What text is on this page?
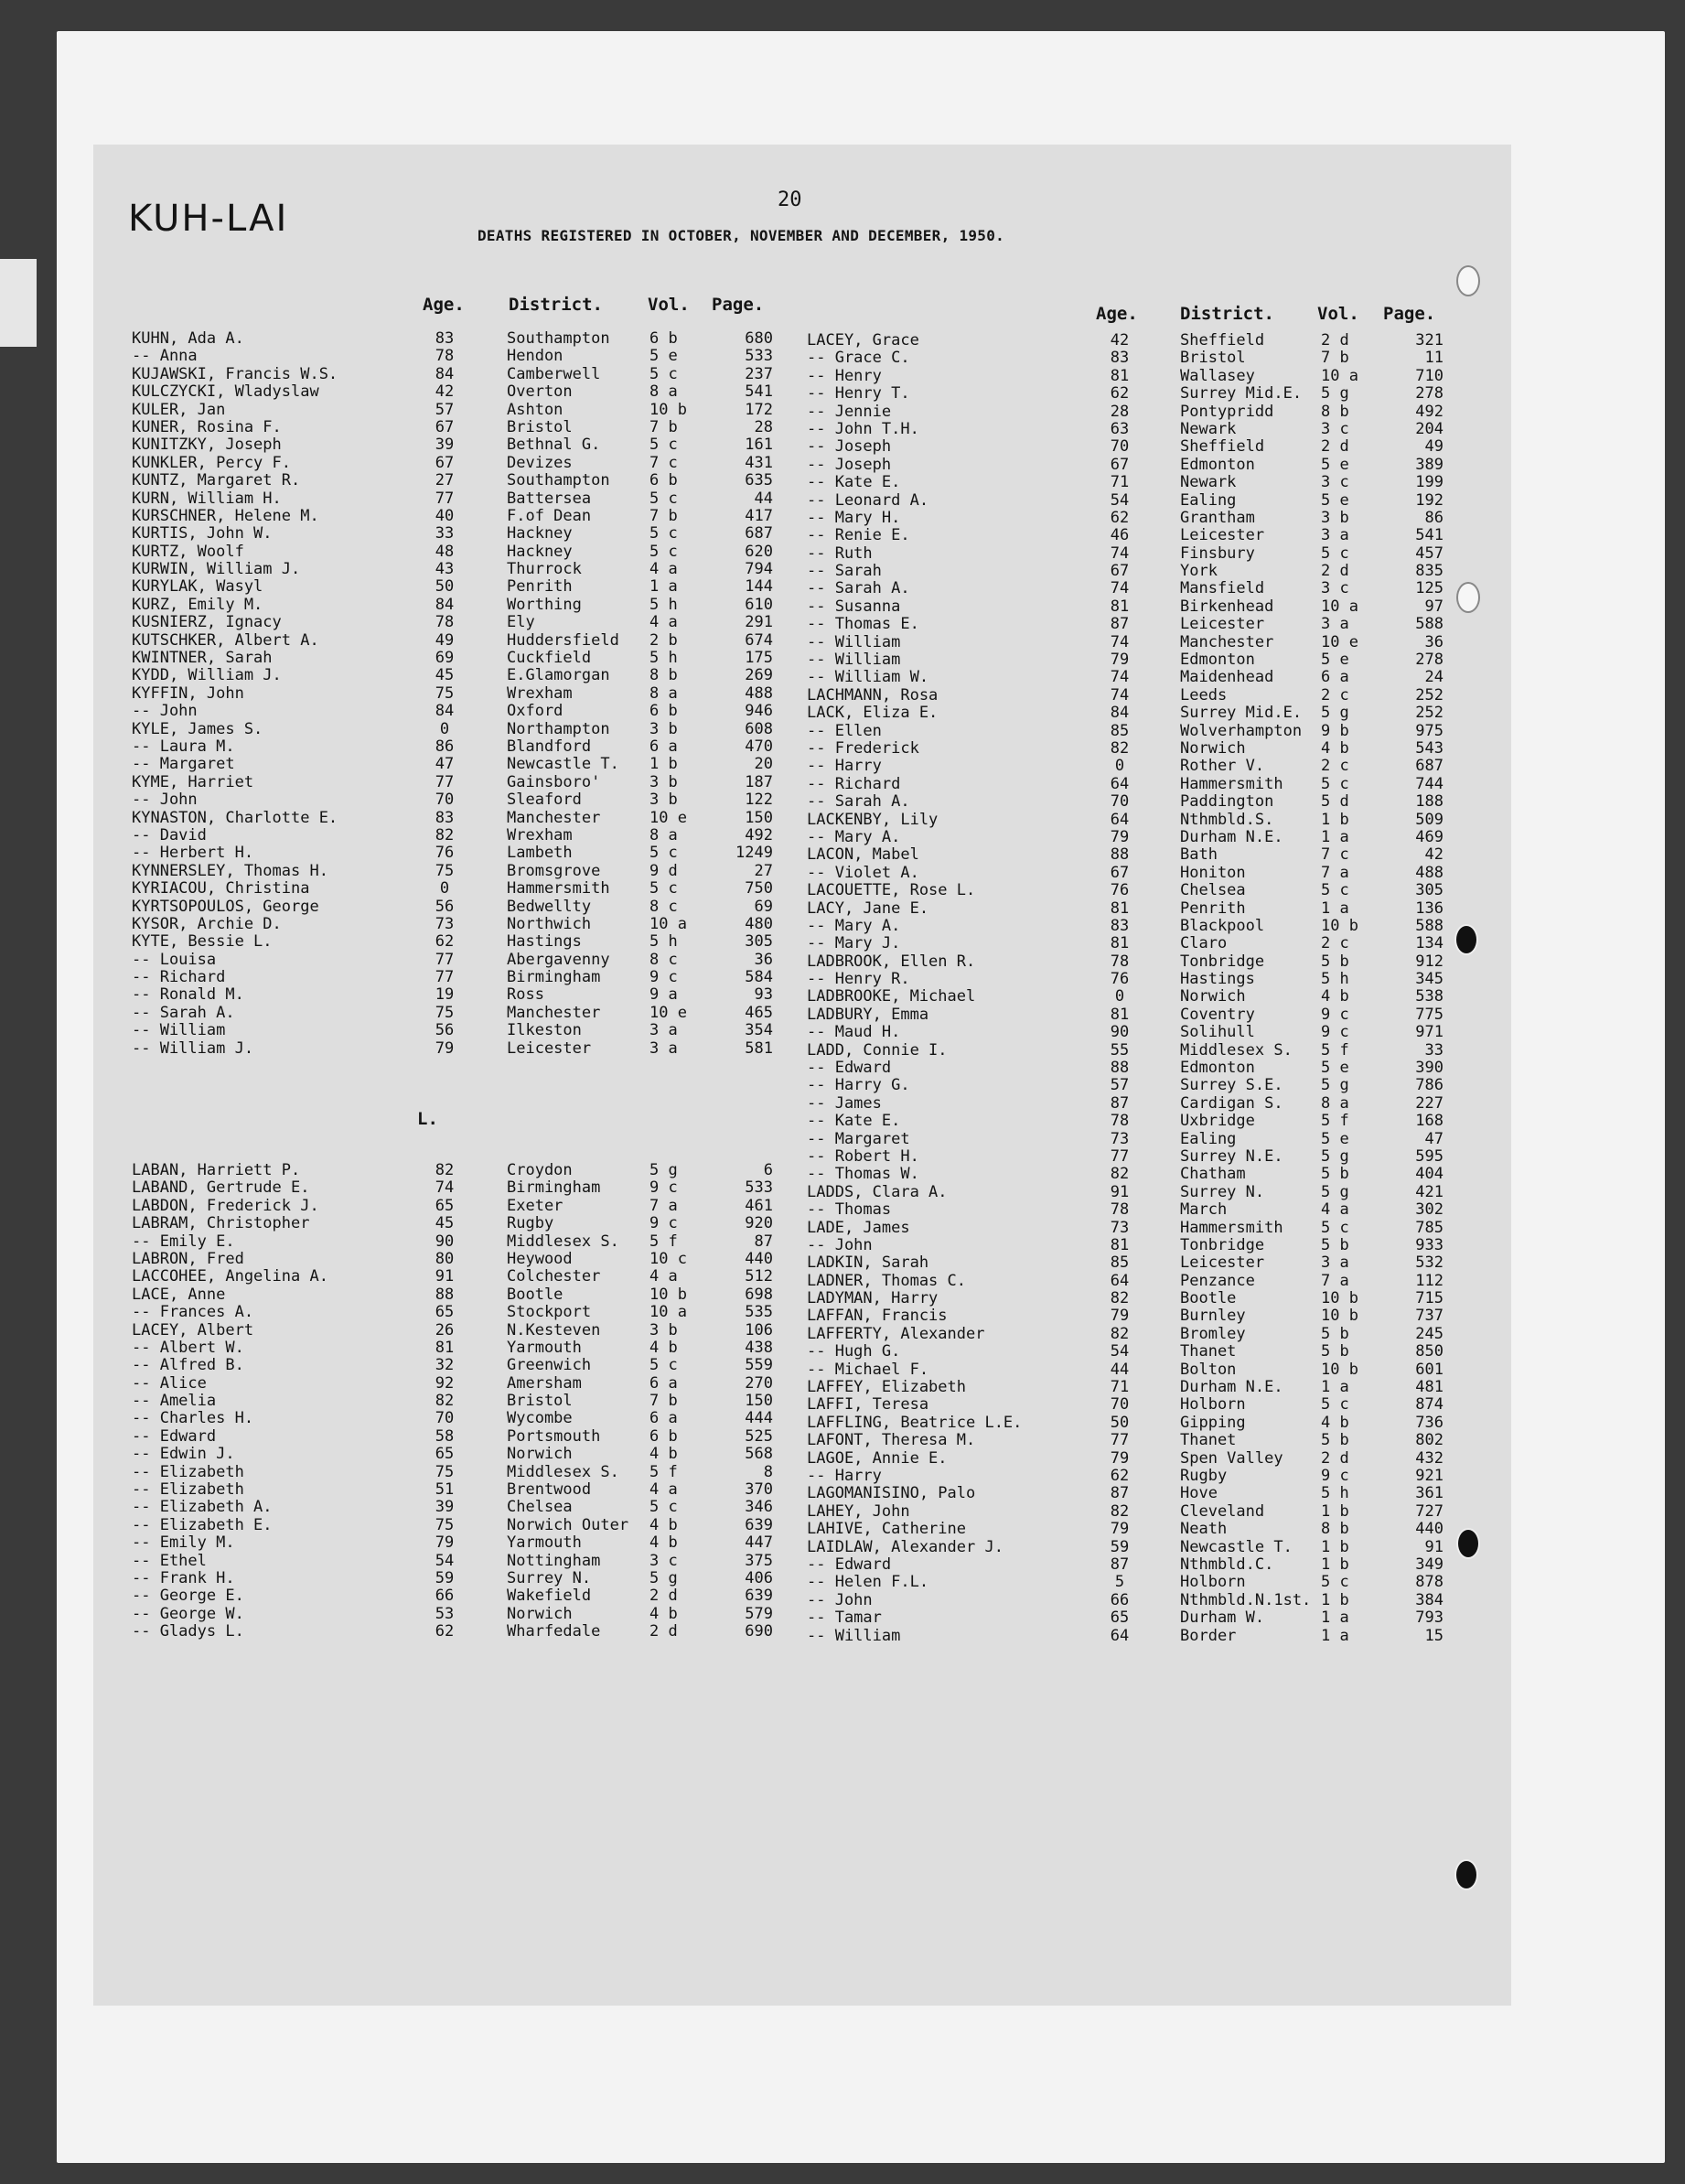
20
KUH-LAI	DEATHS REGISTERED IN OCTOBER, NOVEMBER AND DECEMBER, 1950.
Age.	District.	Vol. Page.	Age. District. Vol. Page.
KUHN, Ada A.	83	Southampton	6 b	680
-- Anna	78	Hendon	5 e	533
KUJAWSKI, Francis W.S.	84	Camberwell	5 c	237
KULCZYCKI, Wladyslaw	42	Overton	8 a	541
KULER, Jan	57	Ashton	10 b	172
KUNER, Rosina F.	67	Bristol	7 b	28
KUNITZKY, Joseph	39	Bethnal G.	5 c	161
KUNKLER, Percy F.	67	Devizes	7 c	431
KUNTZ, Margaret R.	27	Southampton	6 b	635
KURN, William H.	77	Battersea	5 c	44
KURSCHNER, Helene M.	40	F.of Dean	7 b	417
KURTIS, John W.	33	Hackney	5 c	687
KURTZ, Woolf	48	Hackney	5 c	620
KURWIN, William J.	43	Thurrock	4 a	794
KURYLAK, Wasyl	50	Penrith	1 a	144
KURZ, Emily M.	84	Worthing	5 h	610
KUSNIERZ, Ignacy	78	Ely	4 a	291
KUTSCHKER, Albert A.	49	Huddersfield 2 b	674
KWINTNER, Sarah	69	Cuckfield	5 h	175
KYDD, William J.	45	E.Glamorgan	8 b	269
KYFFIN, John	75	Wrexham	8 a	488
-- John	84	Oxford	6 b	946
KYLE, James S.	0	Northampton	3 b	608
-- Laura M.	86	Blandford	6 a	470
-- Margaret	47	Newcastle T. 1 b	20
KYME, Harriet	77	Gainsboro'	3 b	187
-- John	70	Sleaford	3 b	122
KYNASTON, Charlotte E.	83	Manchester	10 e	150
-- David	82	Wrexham	8 a	492
-- Herbert H.	76	Lambeth	5 c	1249
KYNNERSLEY, Thomas H.	75	Bromsgrove	9 d	27
KYRIACOU, Christina	0	Hammersmith	5 c	750
KYRTSOPOULOS, George	56	Bedwellty	8 c	69
KYSOR, Archie D.	73	Northwich	10 a	480
KYTE, Bessie L.	62	Hastings	5 h	305
-- Louisa	77	Abergavenny	8 c	36
-- Richard	77	Birmingham	9 c	584
-- Ronald M.	19	Ross	9 a	93
-- Sarah A.	75	Manchester	10 e	465
-- William	56	Ilkeston	3 a	354
-- William J.	79	Leicester	3 a	581
L.
LABAN, Harriett P.	82	Croydon	5 g	6
LABAND, Gertrude E.	74	Birmingham	9 c	533
LABDON, Frederick J.	65	Exeter	7 a	461
LABRAM, Christopher	45	Rugby	9 c	920
-- Emily E.	90	Middlesex S. 5 f	87
LABRON, Fred	80	Heywood	10 c	440
LACCOHEE, Angelina A.	91	Colchester	4 a	512
LACE, Anne	88	Bootle	10 b	698
-- Frances A.	65	Stockport	10 a	535
LACEY, Albert	26	N.Kesteven	3 b	106
-- Albert W.	81	Yarmouth	4 b	438
-- Alfred B.	32	Greenwich	5 c	559
-- Alice	92	Amersham	6 a	270
-- Amelia	82	Bristol	7 b	150
-- Charles H.	70	Wycombe	6 a	444
-- Edward	58	Portsmouth	6 b	525
-- Edwin J.	65	Norwich	4 b	568
-- Elizabeth	75	Middlesex S. 5 f	8
-- Elizabeth	51	Brentwood	4 a	370
-- Elizabeth A.	39	Chelsea	5 c	346
-- Elizabeth E.	75	Norwich Outer 4 b	639
-- Emily M.	79	Yarmouth	4 b	447
-- Ethel	54	Nottingham	3 c	375
-- Frank H.	59	Surrey N.	5 g	406
-- George E.	66	Wakefield	2 d	639
-- George W.	53	Norwich	4 b	579
-- Gladys L.	62	Wharfedale	2 d	690
LACEY, Grace	42	Sheffield	2 d	321
-- Grace C.	83	Bristol	7 b	11
-- Henry	81	Wallasey	10 a	710
-- Henry T.	62	Surrey Mid.E. 5 g	278
-- Jennie	28	Pontypridd	8 b	492
-- John T.H.	63	Newark	3 c	204
-- Joseph	70	Sheffield	2 d	49
-- Joseph	67	Edmonton	5 e	389
-- Kate E.	71	Newark	3 c	199
-- Leonard A.	54	Ealing	5 e	192
-- Mary H.	62	Grantham	3 b	86
-- Renie E.	46	Leicester	3 a	541
-- Ruth	74	Finsbury	5 c	457
-- Sarah	67	York	2 d	835
-- Sarah A.	74	Mansfield	3 c	125
-- Susanna	81	Birkenhead	10 a	97
-- Thomas E.	87	Leicester	3 a	588
-- William	74	Manchester	10 e	36
-- William	79	Edmonton	5 e	278
-- William W.	74	Maidenhead	6 a	24
LACHMANN, Rosa	74	Leeds	2 c	252
LACK, Eliza E.	84	Surrey Mid.E. 5 g	252
-- Ellen	85	Wolverhampton 9 b	975
-- Frederick	82	Norwich	4 b	543
-- Harry	0	Rother V.	2 c	687
-- Richard	64	Hammersmith 5 c	744
-- Sarah A.	70	Paddington	5 d	188
LACKENBY, Lily	64	Nthmbld.S.	1 b	509
-- Mary A.	79	Durham N.E. 1 a	469
LACON, Mabel	88	Bath	7 c	42
-- Violet A.	67	Honiton	7 a	488
LACOUETTE, Rose L.	76	Chelsea	5 c	305
LACY, Jane E.	81	Penrith	1 a	136
-- Mary A.	83	Blackpool	10 b	588
-- Mary J.	81	Claro	2 c	134
LADBROOK, Ellen R.	78	Tonbridge	5 b	912
-- Henry R.	76	Hastings	5 h	345
LADBROOKE, Michael	0	Norwich	4 b	538
LADBURY, Emma	81	Coventry	9 c	775
-- Maud H.	90	Solihull	9 c	971
LADD, Connie I.	55	Middlesex S. 5 f	33
-- Edward	88	Edmonton	5 e	390
-- Harry G.	57	Surrey S.E. 5 g	786
-- James	87	Cardigan S. 8 a	227
-- Kate E.	78	Uxbridge	5 f	168
-- Margaret	73	Ealing	5 e	47
-- Robert H.	77	Surrey N.E. 5 g	595
-- Thomas W.	82	Chatham	5 b	404
LADDS, Clara A.	91	Surrey N.	5 g	421
-- Thomas	78	March	4 a	302
LADE, James	73	Hammersmith 5 c	785
-- John	81	Tonbridge	5 b	933
LADKIN, Sarah	85	Leicester	3 a	532
LADNER, Thomas C.	64	Penzance	7 a	112
LADYMAN, Harry	82	Bootle	10 b	715
LAFFAN, Francis	79	Burnley	10 b	737
LAFFERTY, Alexander	82	Bromley	5 b	245
-- Hugh G.	54	Thanet	5 b	850
-- Michael F.	44	Bolton	10 b	601
LAFFEY, Elizabeth	71	Durham N.E. 1 a	481
LAFFI, Teresa	70	Holborn	5 c	874
LAFFLING, Beatrice L.E.	50	Gipping	4 b	736
LAFONT, Theresa M.	77	Thanet	5 b	802
LAGOE, Annie E.	79	Spen Valley 2 d	432
-- Harry	62	Rugby	9 c	921
LAGOMANISINO, Palo	87	Hove	5 h	361
LAHEY, John	82	Cleveland	1 b	727
LAHIVE, Catherine	79	Neath	8 b	440
LAIDLAW, Alexander J.	59	Newcastle T. 1 b	91
-- Edward	87	Nthmbld.C.	1 b	349
-- Helen F.L.	5	Holborn	5 c	878
-- John	66	Nthmbld.N.1st. 1 b	384
-- Tamar	65	Durham W.	1 a	793
-- William	64	Border	1 a	15
